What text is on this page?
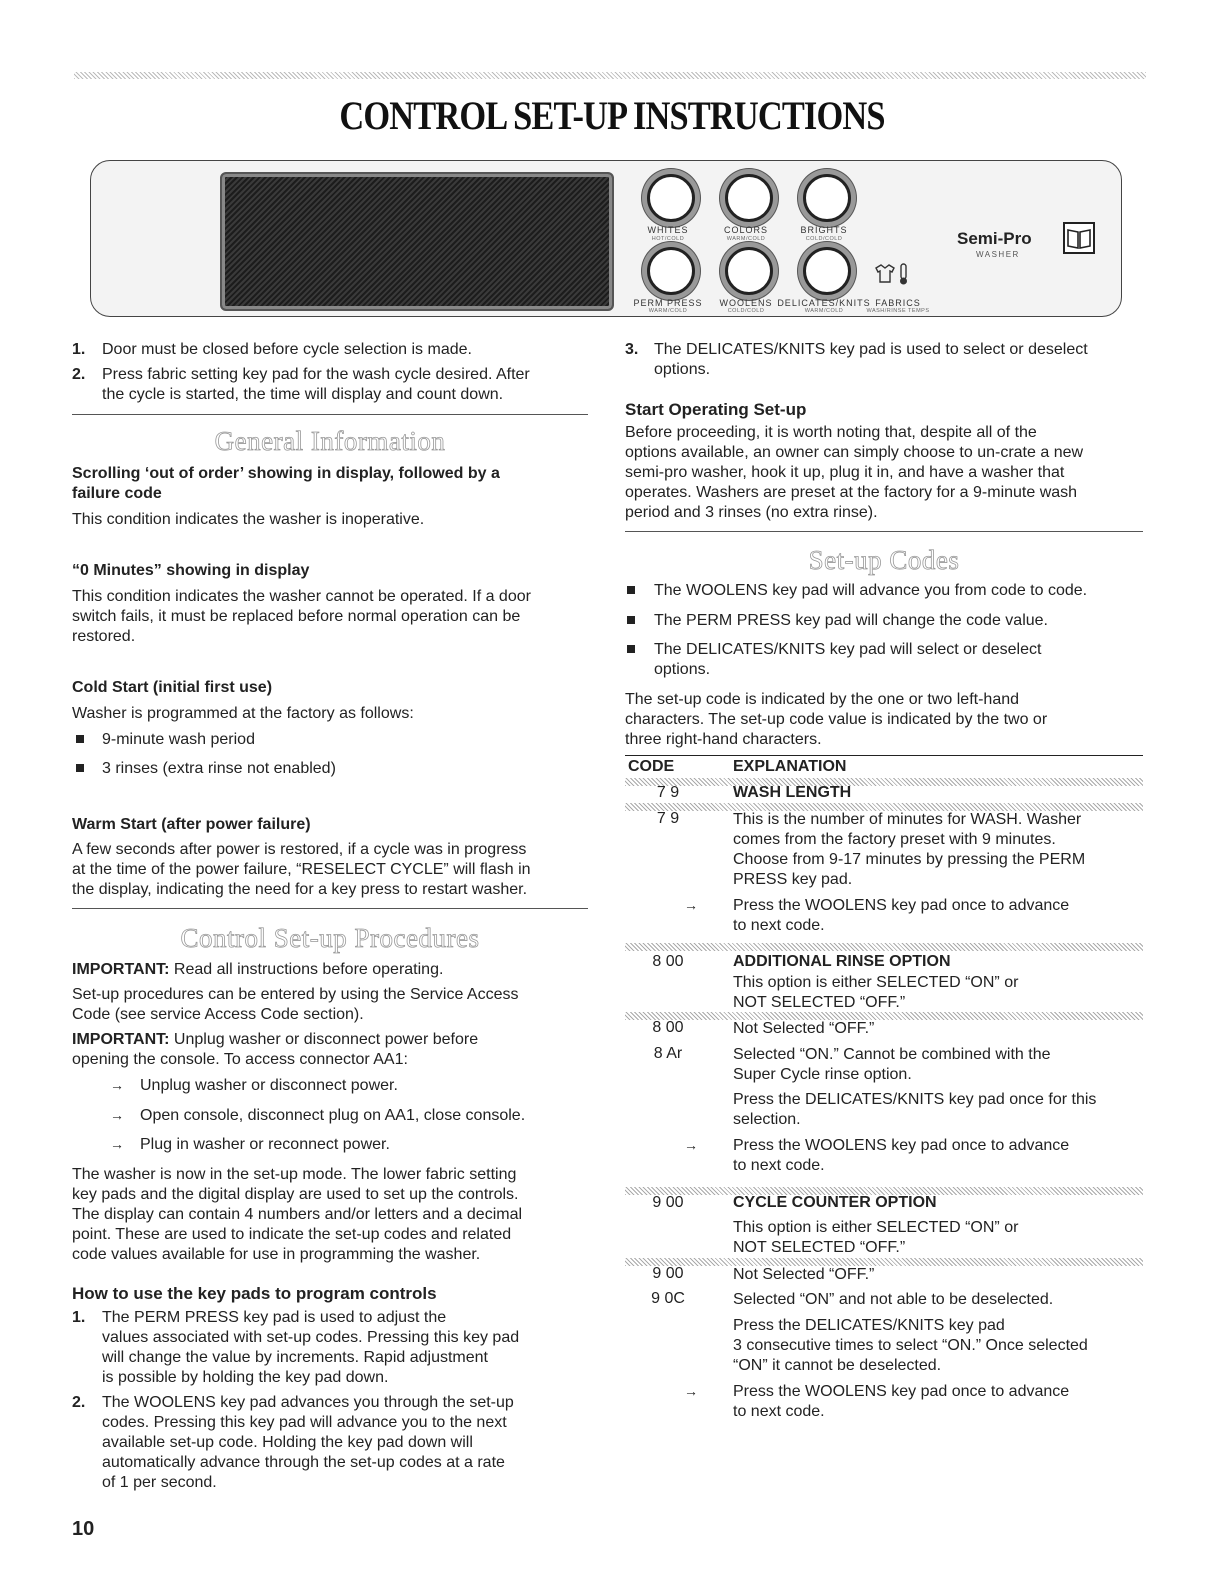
CONTROL SET-UP INSTRUCTIONS
WHITES
HOT/COLD
COLORS
WARM/COLD
BRIGHTS
COLD/COLD
PERM PRESS
WARM/COLD
WOOLENS
COLD/COLD
DELICATES/KNITS
WARM/COLD
FABRICS
WASH/RINSE TEMPS
Semi-Pro
WASHER
1. Door must be closed before cycle selection is made.
2. Press fabric setting key pad for the wash cycle desired. After
the cycle is started, the time will display and count down.
General Information
Scrolling ‘out of order’ showing in display, followed by a
failure code
This condition indicates the washer is inoperative.
“0 Minutes” showing in display
This condition indicates the washer cannot be operated. If a door
switch fails, it must be replaced before normal operation can be
restored.
Cold Start (initial first use)
Washer is programmed at the factory as follows:
9-minute wash period
3 rinses (extra rinse not enabled)
Warm Start (after power failure)
A few seconds after power is restored, if a cycle was in progress
at the time of the power failure, “RESELECT CYCLE” will flash in
the display, indicating the need for a key press to restart washer.
Control Set-up Procedures
IMPORTANT: Read all instructions before operating.
Set-up procedures can be entered by using the Service Access
Code (see service Access Code section).
IMPORTANT: Unplug washer or disconnect power before
opening the console. To access connector AA1:
→ Unplug washer or disconnect power.
→ Open console, disconnect plug on AA1, close console.
→ Plug in washer or reconnect power.
The washer is now in the set-up mode. The lower fabric setting
key pads and the digital display are used to set up the controls.
The display can contain 4 numbers and/or letters and a decimal
point. These are used to indicate the set-up codes and related
code values available for use in programming the washer.
How to use the key pads to program controls
1. The PERM PRESS key pad is used to adjust the
values associated with set-up codes. Pressing this key pad
will change the value by increments. Rapid adjustment
is possible by holding the key pad down.
2. The WOOLENS key pad advances you through the set-up
codes. Pressing this key pad will advance you to the next
available set-up code. Holding the key pad down will
automatically advance through the set-up codes at a rate
of 1 per second.
10
3. The DELICATES/KNITS key pad is used to select or deselect
options.
Start Operating Set-up
Before proceeding, it is worth noting that, despite all of the
options available, an owner can simply choose to un-crate a new
semi-pro washer, hook it up, plug it in, and have a washer that
operates. Washers are preset at the factory for a 9-minute wash
period and 3 rinses (no extra rinse).
Set-up Codes
The WOOLENS key pad will advance you from code to code.
The PERM PRESS key pad will change the code value.
The DELICATES/KNITS key pad will select or deselect
options.
The set-up code is indicated by the one or two left-hand
characters. The set-up code value is indicated by the two or
three right-hand characters.
CODE	EXPLANATION
7 9	WASH LENGTH
7 9	This is the number of minutes for WASH. Washer
comes from the factory preset with 9 minutes.
Choose from 9-17 minutes by pressing the PERM
PRESS key pad.
→ Press the WOOLENS key pad once to advance
to next code.
8 00	ADDITIONAL RINSE OPTION
This option is either SELECTED “ON” or
NOT SELECTED “OFF.”
8 00	Not Selected “OFF.”
8 Ar	Selected “ON.” Cannot be combined with the
Super Cycle rinse option.
Press the DELICATES/KNITS key pad once for this
selection.
→ Press the WOOLENS key pad once to advance
to next code.
9 00	CYCLE COUNTER OPTION
This option is either SELECTED “ON” or
NOT SELECTED “OFF.”
9 00	Not Selected “OFF.”
9 0C	Selected “ON” and not able to be deselected.
Press the DELICATES/KNITS key pad
3 consecutive times to select “ON.” Once selected
“ON” it cannot be deselected.
→ Press the WOOLENS key pad once to advance
to next code.
